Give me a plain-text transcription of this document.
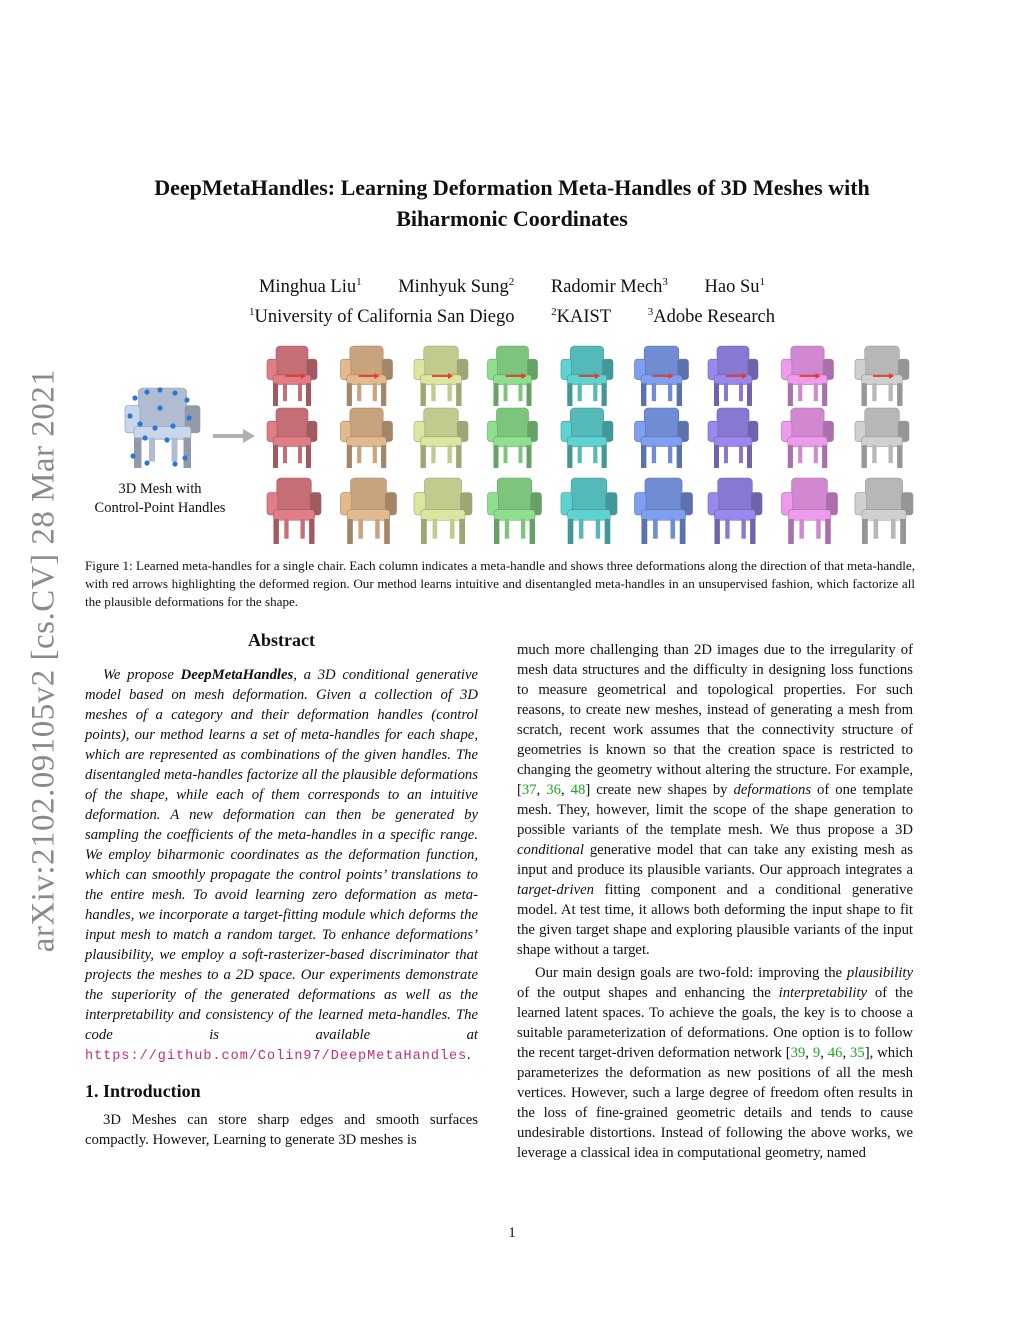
arXiv:2102.09105v2 [cs.CV] 28 Mar 2021
DeepMetaHandles: Learning Deformation Meta-Handles of 3D Meshes with
Biharmonic Coordinates
Minghua Liu$^1$ Minhyuk Sung$^2$ Radomir Mech$^3$ Hao Su$^1$
$^1$University of California San Diego	$^2$KAIST	$^3$Adobe Research
3D Mesh with
Control-Point Handles
Figure 1: Learned meta-handles for a single chair. Each column indicates a meta-handle and shows three deformations along the direction of that meta-handle, with red arrows highlighting the deformed region. Our method learns intuitive and disentangled meta-handles in an unsupervised fashion, which factorize all the plausible deformations for the shape.
Abstract

We propose DeepMetaHandles, a 3D conditional generative model based on mesh deformation. Given a collection of 3D meshes of a category and their deformation handles (control points), our method learns a set of meta-handles for each shape, which are represented as combinations of the given handles. The disentangled meta-handles factorize all the plausible deformations of the shape, while each of them corresponds to an intuitive deformation. A new deformation can then be generated by sampling the coefficients of the meta-handles in a specific range. We employ biharmonic coordinates as the deformation function, which can smoothly propagate the control points’ translations to the entire mesh. To avoid learning zero deformation as meta-handles, we incorporate a target-fitting module which deforms the input mesh to match a random target. To enhance deformations’ plausibility, we employ a soft-rasterizer-based discriminator that projects the meshes to a 2D space. Our experiments demonstrate the superiority of the generated deformations as well as the interpretability and consistency of the learned meta-handles. The code is available at https://github.com/Colin97/DeepMetaHandles.

1. Introduction

3D Meshes can store sharp edges and smooth surfaces compactly. However, Learning to generate 3D meshes is

much more challenging than 2D images due to the irregularity of mesh data structures and the difficulty in designing loss functions to measure geometrical and topological properties. For such reasons, to create new meshes, instead of generating a mesh from scratch, recent work assumes that the connectivity structure of geometries is known so that the creation space is restricted to changing the geometry without altering the structure. For example, [37, 36, 48] create new shapes by deformations of one template mesh. They, however, limit the scope of the shape generation to possible variants of the template mesh. We thus propose a 3D conditional generative model that can take any existing mesh as input and produce its plausible variants. Our approach integrates a target-driven fitting component and a conditional generative model. At test time, it allows both deforming the input shape to fit the given target shape and exploring plausible variants of the input shape without a target.

Our main design goals are two-fold: improving the plausibility of the output shapes and enhancing the interpretability of the learned latent spaces. To achieve the goals, the key is to choose a suitable parameterization of deformations. One option is to follow the recent target-driven deformation network [39, 9, 46, 35], which parameterizes the deformation as new positions of all the mesh vertices. However, such a large degree of freedom often results in the loss of fine-grained geometric details and tends to cause undesirable distortions. Instead of following the above works, we leverage a classical idea in computational geometry, named

1
